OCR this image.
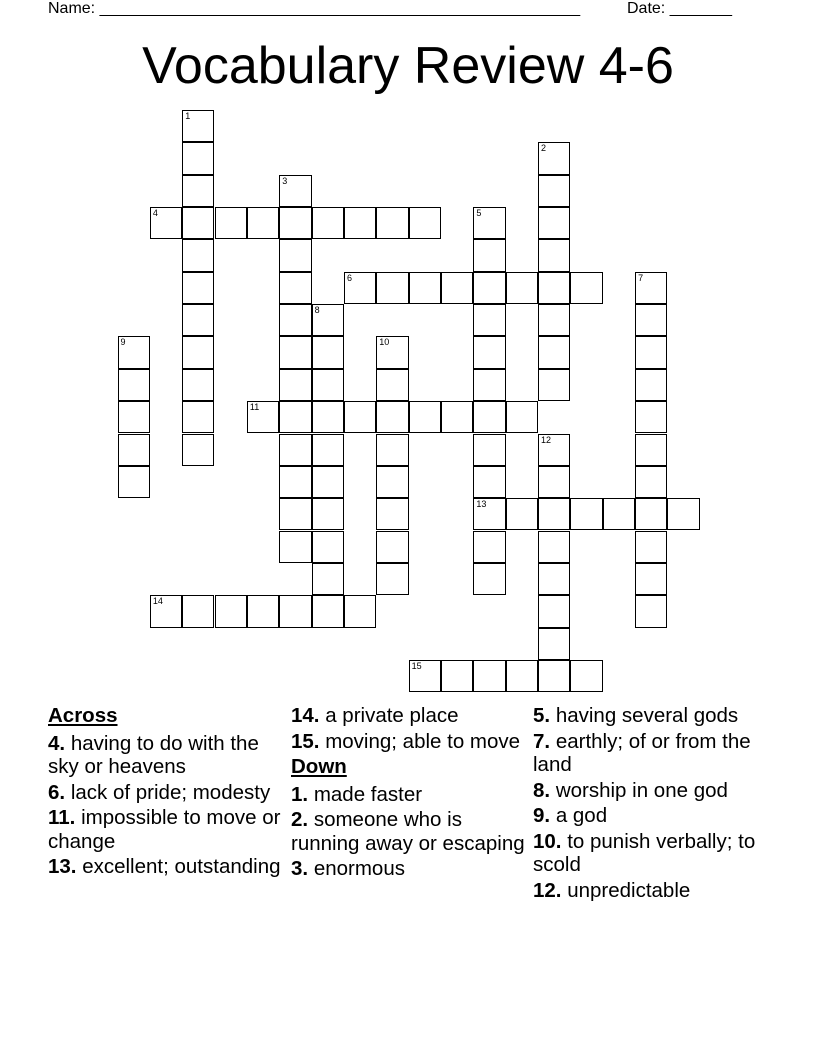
Name: ______________________________________________________	Date: _______
Vocabulary Review 4-6
1
2
3
4	5
13
6	7
8
9	10
11
12
14
15
Across
4. having to do with the sky or heavens
6. lack of pride; modesty
11. impossible to move or change
13. excellent; outstanding
14. a private place
15. moving; able to move
Down
1. made faster
2. someone who is running away or escaping
3. enormous
5. having several gods
7. earthly; of or from the land
8. worship in one god
9. a god
10. to punish verbally; to scold
12. unpredictable
